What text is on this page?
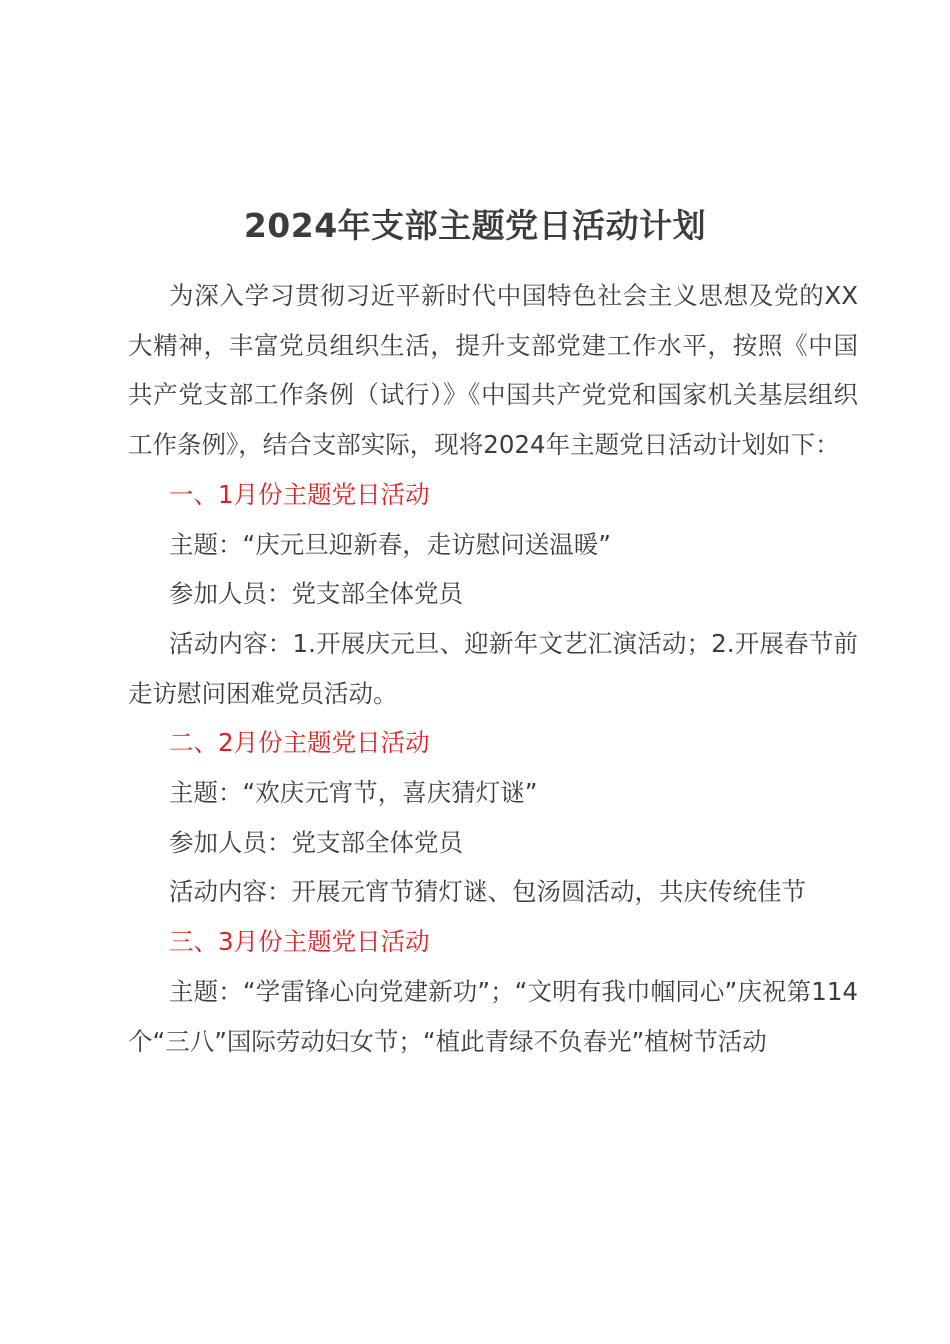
2024年支部主题党日活动计划

为深入学习贯彻习近平新时代中国特色社会主义思想及党的XX大精神，丰富党员组织生活，提升支部党建工作水平，按照《中国共产党支部工作条例（试行）》《中国共产党党和国家机关基层组织工作条例》，结合支部实际，现将2024年主题党日活动计划如下：

一、1月份主题党日活动

主题：“庆元旦迎新春，走访慰问送温暖”

参加人员：党支部全体党员

活动内容：1.开展庆元旦、迎新年文艺汇演活动；2.开展春节前走访慰问困难党员活动。

二、2月份主题党日活动

主题：“欢庆元宵节，喜庆猜灯谜”

参加人员：党支部全体党员

活动内容：开展元宵节猜灯谜、包汤圆活动，共庆传统佳节

三、3月份主题党日活动

主题：“学雷锋心向党建新功”；“文明有我巾帼同心”庆祝第114个“三八”国际劳动妇女节；“植此青绿不负春光”植树节活动
